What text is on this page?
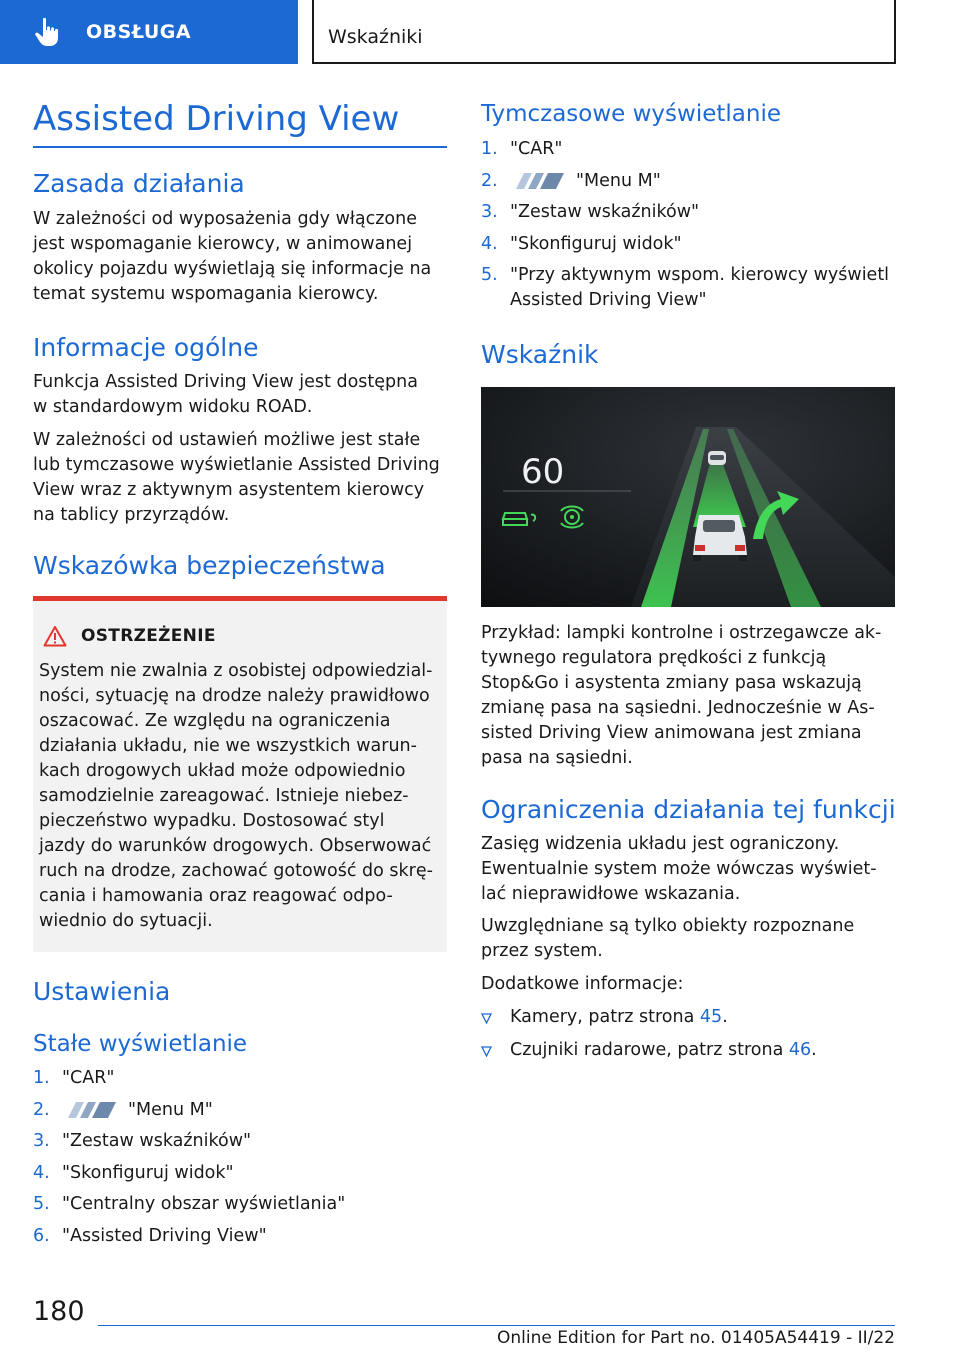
OBSŁUGA	Wskaźniki
Assisted Driving View
Zasada działania
W zależności od wyposażenia gdy włączone
jest wspomaganie kierowcy, w animowanej
okolicy pojazdu wyświetlają się informacje na
temat systemu wspomagania kierowcy.
Informacje ogólne
Funkcja Assisted Driving View jest dostępna
w standardowym widoku ROAD.
W zależności od ustawień możliwe jest stałe
lub tymczasowe wyświetlanie Assisted Driving
View wraz z aktywnym asystentem kierowcy
na tablicy przyrządów.
Wskazówka bezpieczeństwa
OSTRZEŻENIE
System nie zwalnia z osobistej odpowiedzial-
ności, sytuację na drodze należy prawidłowo
oszacować. Ze względu na ograniczenia
działania układu, nie we wszystkich warun-
kach drogowych układ może odpowiednio
samodzielnie zareagować. Istnieje niebez-
pieczeństwo wypadku. Dostosować styl
jazdy do warunków drogowych. Obserwować
ruch na drodze, zachować gotowość do skrę-
cania i hamowania oraz reagować odpo-
wiednio do sytuacji.
Ustawienia
Stałe wyświetlanie
1. "CAR"
2.	"Menu M"
3. "Zestaw wskaźników"
4. "Skonfiguruj widok"
5. "Centralny obszar wyświetlania"
6. "Assisted Driving View"
Tymczasowe wyświetlanie
1. "CAR"
2.	"Menu M"
3. "Zestaw wskaźników"
4. "Skonfiguruj widok"
5. "Przy aktywnym wspom. kierowcy wyświetl
Assisted Driving View"
Wskaźnik
60
Przykład: lampki kontrolne i ostrzegawcze ak-
tywnego regulatora prędkości z funkcją
Stop&Go i asystenta zmiany pasa wskazują
zmianę pasa na sąsiedni. Jednocześnie w As-
sisted Driving View animowana jest zmiana
pasa na sąsiedni.
Ograniczenia działania tej funkcji
Zasięg widzenia układu jest ograniczony.
Ewentualnie system może wówczas wyświet-
lać nieprawidłowe wskazania.
Uwzględniane są tylko obiekty rozpoznane
przez system.
Dodatkowe informacje:
Kamery, patrz strona 45.
Czujniki radarowe, patrz strona 46.
180
Online Edition for Part no. 01405A54419 - II/22
